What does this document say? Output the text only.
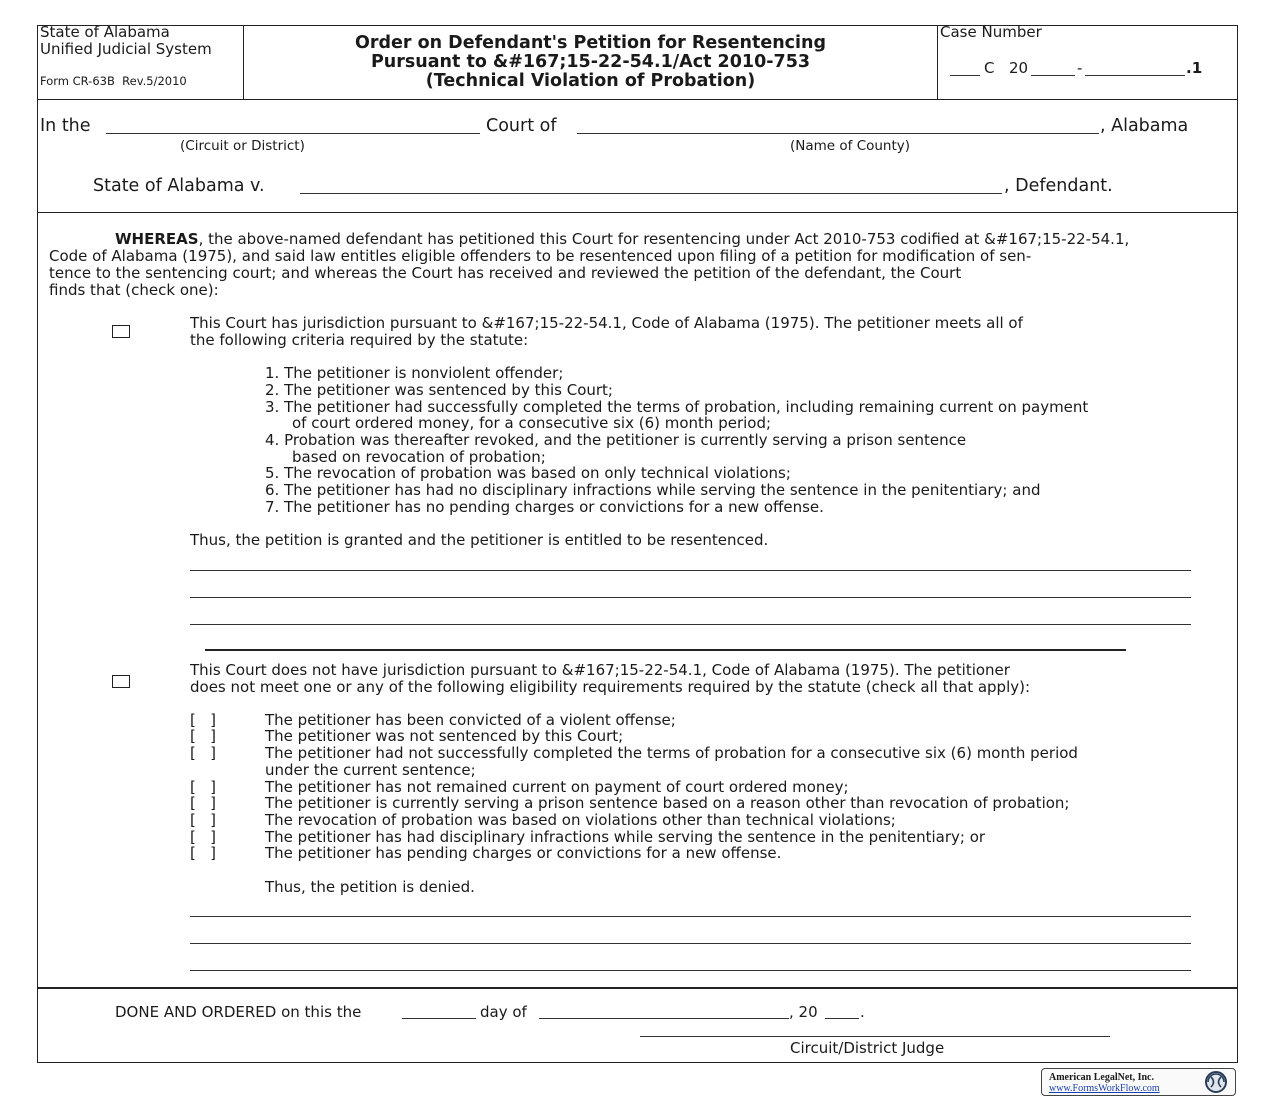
State of Alabama
Unified Judicial System
Form CR-63B  Rev.5/2010
Order on Defendant's Petition for Resentencing
Pursuant to &#167;15-22-54.1/Act 2010-753
(Technical Violation of Probation)
Case Number
C 20	-	.1
In the	Court of	, Alabama
(Circuit or District)	(Name of County)
State of Alabama v.	, Defendant.
WHEREAS, the above-named defendant has petitioned this Court for resentencing under Act 2010-753 codified at &#167;15-22-54.1,
Code of Alabama (1975), and said law entitles eligible offenders to be resentenced upon filing of a petition for modification of sen-
tence to the sentencing court; and whereas the Court has received and reviewed the petition of the defendant, the Court
finds that (check one):
This Court has jurisdiction pursuant to &#167;15-22-54.1, Code of Alabama (1975). The petitioner meets all of
the following criteria required by the statute:
1. The petitioner is nonviolent offender;
2. The petitioner was sentenced by this Court;
3. The petitioner had successfully completed the terms of probation, including remaining current on payment
of court ordered money, for a consecutive six (6) month period;
4. Probation was thereafter revoked, and the petitioner is currently serving a prison sentence
based on revocation of probation;
5. The revocation of probation was based on only technical violations;
6. The petitioner has had no disciplinary infractions while serving the sentence in the penitentiary; and
7. The petitioner has no pending charges or convictions for a new offense.
Thus, the petition is granted and the petitioner is entitled to be resentenced.
This Court does not have jurisdiction pursuant to &#167;15-22-54.1, Code of Alabama (1975). The petitioner
does not meet one or any of the following eligibility requirements required by the statute (check all that apply):
[   ]	The petitioner has been convicted of a violent offense;
[   ]	The petitioner was not sentenced by this Court;
[   ]	The petitioner had not successfully completed the terms of probation for a consecutive six (6) month period
under the current sentence;
[   ]	The petitioner has not remained current on payment of court ordered money;
[   ]	The petitioner is currently serving a prison sentence based on a reason other than revocation of probation;
[   ]	The revocation of probation was based on violations other than technical violations;
[   ]	The petitioner has had disciplinary infractions while serving the sentence in the penitentiary; or
[   ]	The petitioner has pending charges or convictions for a new offense.
Thus, the petition is denied.
DONE AND ORDERED on this the	day of	, 20	.
Circuit/District Judge
American LegalNet, Inc.
www.FormsWorkFlow.com
